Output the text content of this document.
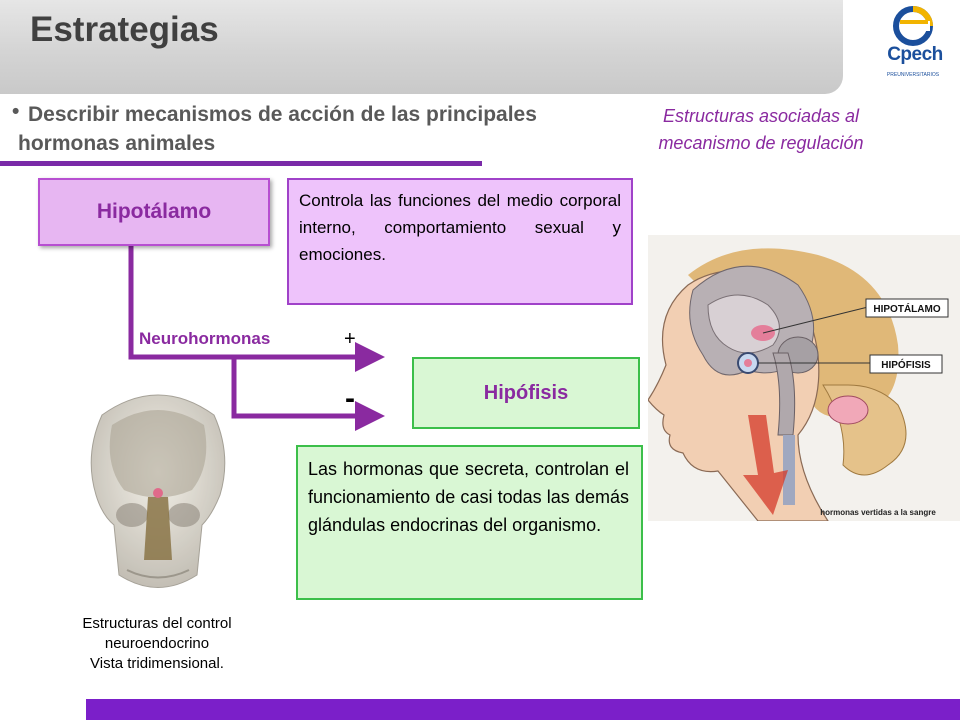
Estrategias
PREUNIVERSITARIOS
Cpech
• Describir mecanismos de acción de las principales hormonas animales
Estructuras asociadas al
mecanismo de regulación
Hipotálamo	Controla las funciones del medio corporal interno, comportamiento sexual y emociones.
Neurohormonas	+
-	Hipófisis
Las hormonas que secreta, controlan el funcionamiento de casi todas las demás glándulas endocrinas del organismo.
HIPOTÁLAMO
HIPÓFISIS
hormonas vertidas a la sangre
Estructuras del control
neuroendocrino
Vista tridimensional.
